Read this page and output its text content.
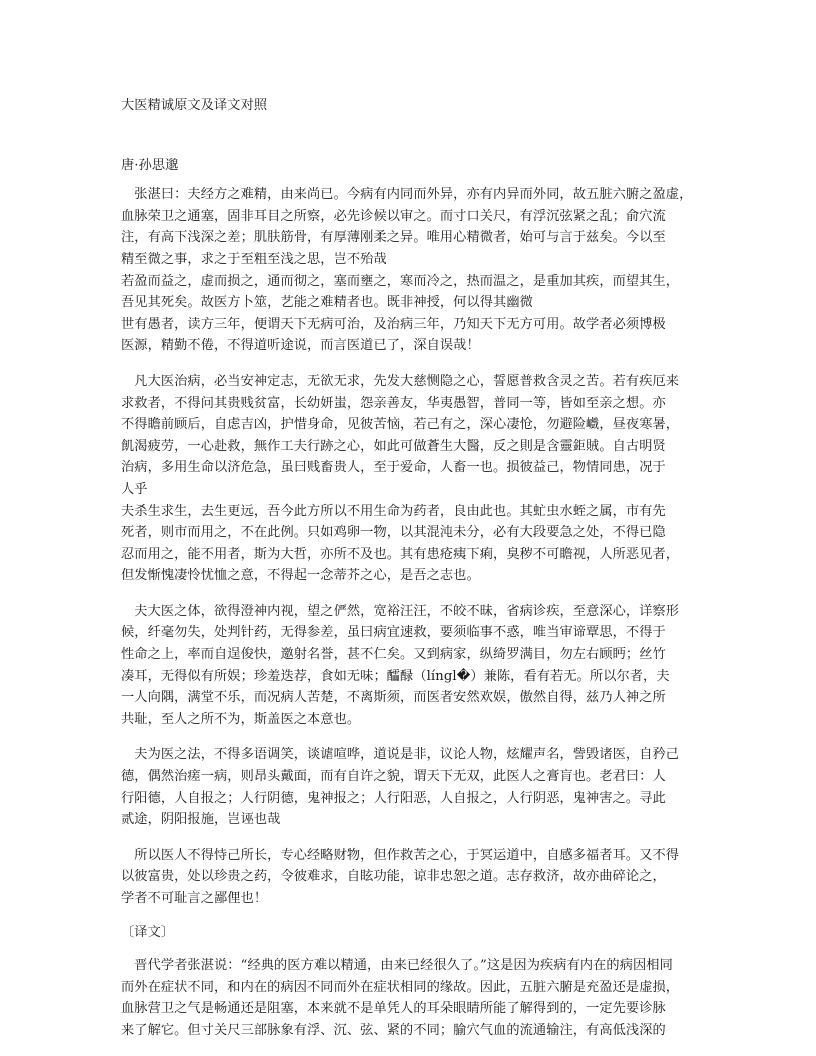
大医精诚原文及译文对照
唐·孙思邈
　张湛曰：夫经方之难精，由来尚已。今病有内同而外异，亦有内异而外同，故五脏六腑之盈虚，
血脉荣卫之通塞，固非耳目之所察，必先诊候以审之。而寸口关尺，有浮沉弦紧之乱；俞穴流
注，有高下浅深之差；肌肤筋骨，有厚薄刚柔之异。唯用心精微者，始可与言于兹矣。今以至
精至微之事，求之于至粗至浅之思，岂不殆哉
若盈而益之，虚而损之，通而彻之，塞而壅之，寒而冷之，热而温之，是重加其疾，而望其生，
吾见其死矣。故医方卜筮，艺能之难精者也。既非神授，何以得其幽微
世有愚者，读方三年，便谓天下无病可治，及治病三年，乃知天下无方可用。故学者必须博极
医源，精勤不倦，不得道听途说，而言医道已了，深自误哉！
　凡大医治病，必当安神定志，无欲无求，先发大慈恻隐之心，誓愿普救含灵之苦。若有疾厄来
求救者，不得问其贵贱贫富，长幼妍蚩，怨亲善友，华夷愚智，普同一等，皆如至亲之想。亦
不得瞻前顾后，自虑吉凶，护惜身命，见彼苦恼，若己有之，深心凄怆，勿避险巇，昼夜寒暑，
飢渴疲劳，一心赴救，無作工夫行跡之心，如此可做蒼生大醫，反之則是含靈鉅賊。自古明贤
治病，多用生命以济危急，虽曰贱畜贵人，至于爱命，人畜一也。损彼益己，物情同患，况于
人乎
夫杀生求生，去生更远，吾今此方所以不用生命为药者，良由此也。其虻虫水蛭之属，市有先
死者，则市而用之，不在此例。只如鸡卵一物，以其混沌未分，必有大段要急之处，不得已隐
忍而用之，能不用者，斯为大哲，亦所不及也。其有患疮痍下痢，臭秽不可瞻视，人所恶见者，
但发惭愧凄怜忧恤之意，不得起一念蒂芥之心，是吾之志也。
　夫大医之体，欲得澄神内视，望之俨然，宽裕汪汪，不皎不昧，省病诊疾，至意深心，详察形
候，纤毫勿失，处判针药，无得参差，虽曰病宜速救，要须临事不惑，唯当审谛覃思，不得于
性命之上，率而自逞俊快，邀射名誉，甚不仁矣。又到病家，纵绮罗满目，勿左右顾眄；丝竹
凑耳，无得似有所娱；珍羞迭荐，食如无味；醽醁（língl�）兼陈，看有若无。所以尔者，夫
一人向隅，满堂不乐，而况病人苦楚，不离斯须，而医者安然欢娱，傲然自得，兹乃人神之所
共耻，至人之所不为，斯盖医之本意也。
　夫为医之法，不得多语调笑，谈谑喧哗，道说是非，议论人物，炫耀声名，訾毁诸医，自矜己
德，偶然治瘥一病，则昂头戴面，而有自许之貌，谓天下无双，此医人之膏肓也。老君曰：人
行阳德，人自报之；人行阴德，鬼神报之；人行阳恶，人自报之，人行阴恶，鬼神害之。寻此
贰途，阴阳报施，岂诬也哉
　所以医人不得恃己所长，专心经略财物，但作救苦之心，于冥运道中，自感多福者耳。又不得
以彼富贵，处以珍贵之药，令彼难求，自眩功能，谅非忠恕之道。志存救济，故亦曲碎论之，
学者不可耻言之鄙俚也！
〔译文〕
　晋代学者张湛说：“经典的医方难以精通，由来已经很久了。”这是因为疾病有内在的病因相同
而外在症状不同，和内在的病因不同而外在症状相同的缘故。因此，五脏六腑是充盈还是虚损，
血脉营卫之气是畅通还是阻塞，本来就不是单凭人的耳朵眼睛所能了解得到的，一定先要诊脉
来了解它。但寸关尺三部脉象有浮、沉、弦、紧的不同；腧穴气血的流通输注，有高低浅深的
